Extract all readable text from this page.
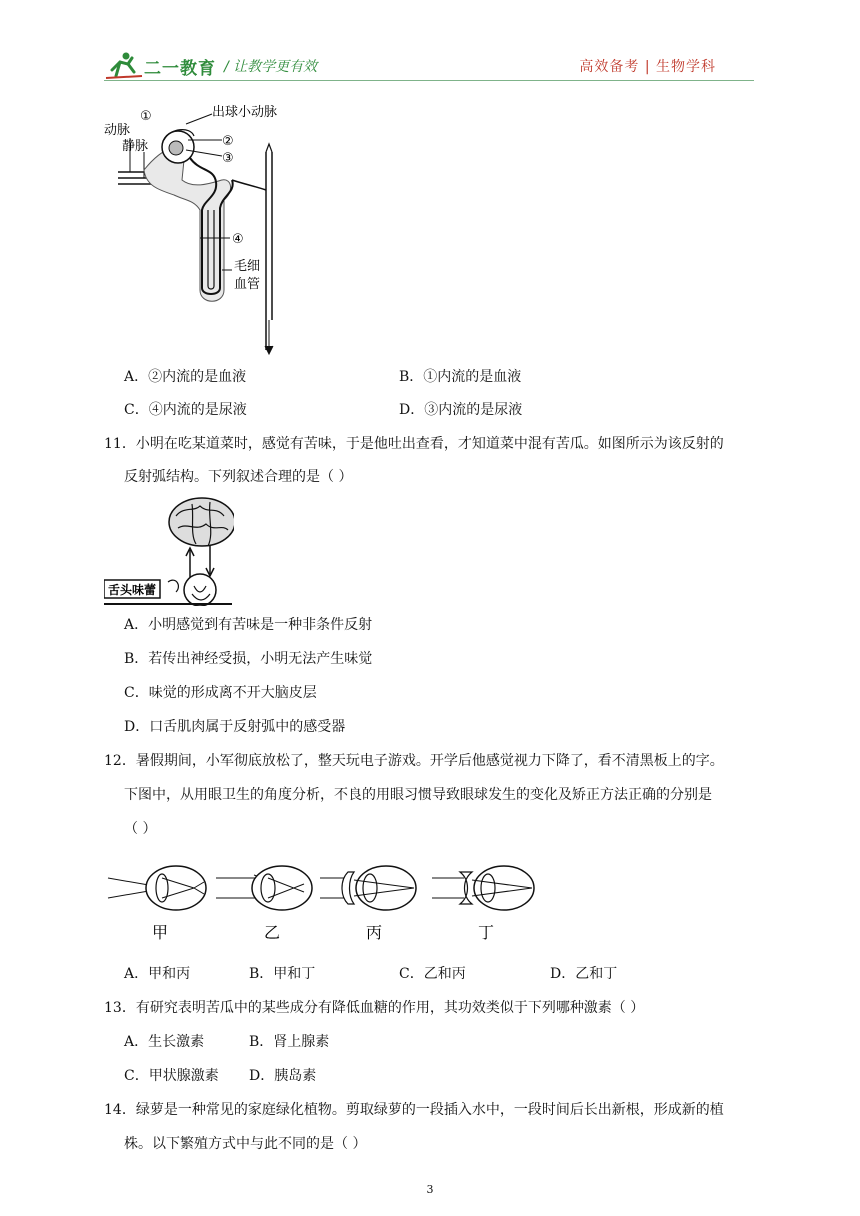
二一教育 / 让教学更有效	高效备考 | 生物学科
①	出球小动脉
动脉
静脉	②
③
④
毛细
血管
A．②内流的是血液	B．①内流的是血液
C．④内流的是尿液	D．③内流的是尿液
11．小明在吃某道菜时，感觉有苦味，于是他吐出查看，才知道菜中混有苦瓜。如图所示为该反射的
反射弧结构。下列叙述合理的是（ ）
舌头味蕾
A．小明感觉到有苦味是一种非条件反射
B．若传出神经受损，小明无法产生味觉
C．味觉的形成离不开大脑皮层
D．口舌肌肉属于反射弧中的感受器
12．暑假期间，小军彻底放松了，整天玩电子游戏。开学后他感觉视力下降了，看不清黑板上的字。
下图中，从用眼卫生的角度分析，不良的用眼习惯导致眼球发生的变化及矫正方法正确的分别是
（ ）
甲	乙	丙	丁
A．甲和丙	B．甲和丁	C．乙和丙	D．乙和丁
13．有研究表明苦瓜中的某些成分有降低血糖的作用，其功效类似于下列哪种激素（ ）
A．生长激素	B．肾上腺素
C．甲状腺激素 D．胰岛素
14．绿萝是一种常见的家庭绿化植物。剪取绿萝的一段插入水中，一段时间后长出新根，形成新的植
株。以下繁殖方式中与此不同的是（ ）
3
